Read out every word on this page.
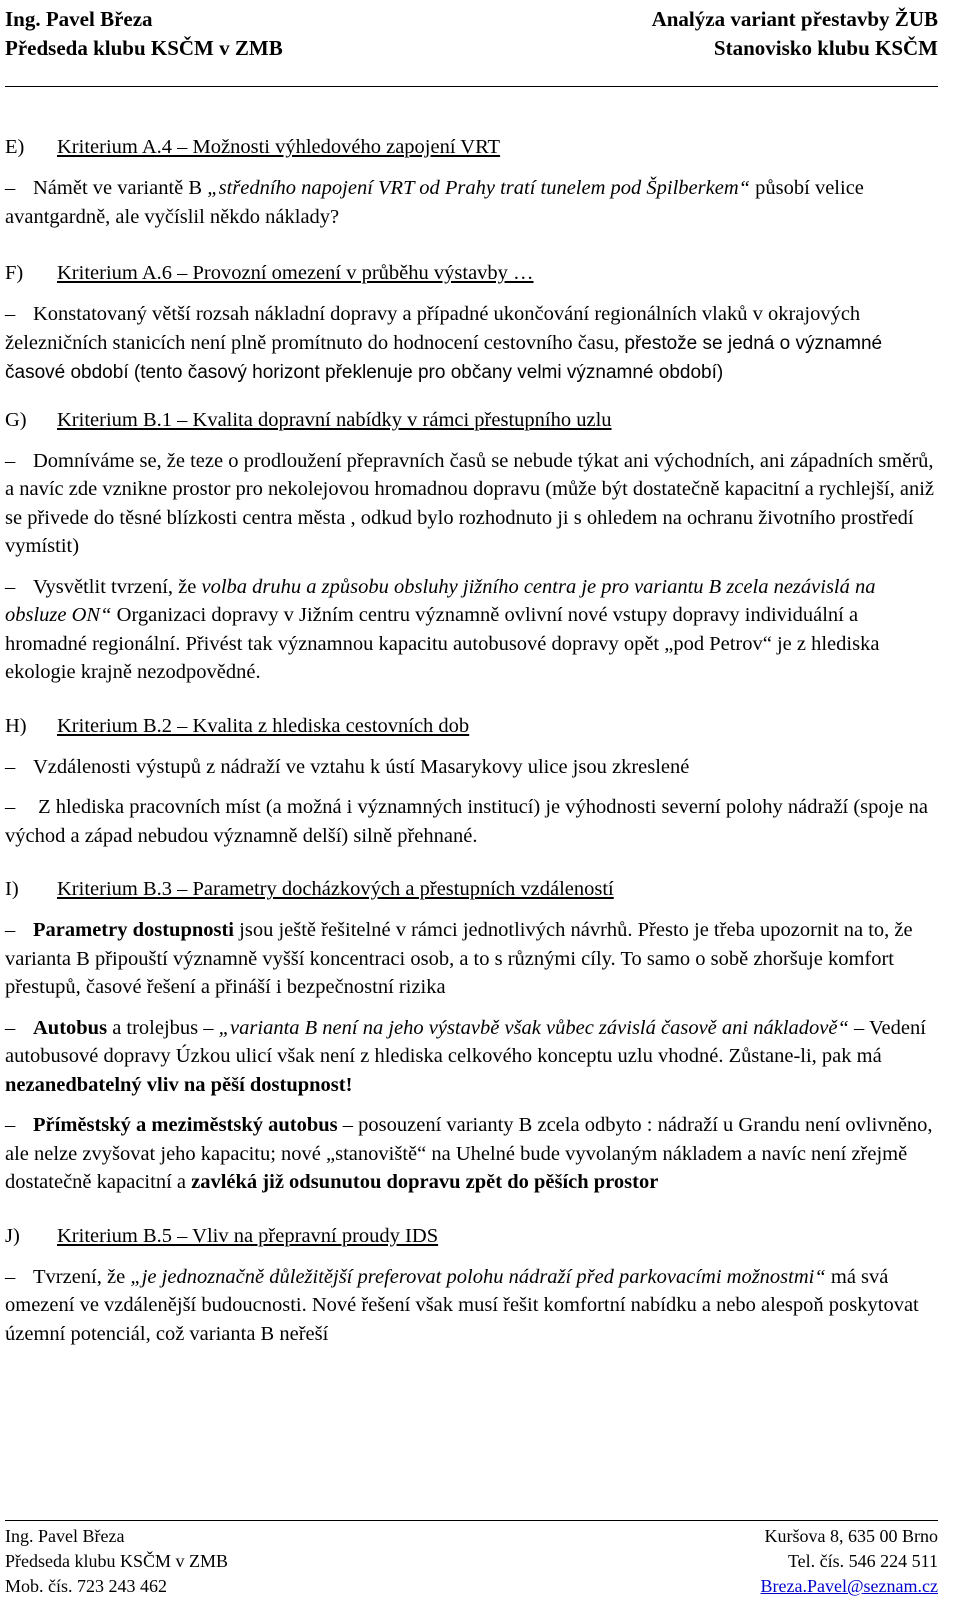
Ing. Pavel Březa
Předseda klubu KSČM v ZMB
Analýza variant přestavby ŽUB
Stanovisko klubu KSČM
E)	Kriterium A.4 – Možnosti výhledového zapojení VRT

– Námět ve variantě B „středního napojení VRT od Prahy tratí tunelem pod Špilberkem“ působí velice avantgardně, ale vyčíslil někdo náklady?

F)	Kriterium A.6 – Provozní omezení v průběhu výstavby …

– Konstatovaný větší rozsah nákladní dopravy a případné ukončování regionálních vlaků v okrajových železničních stanicích není plně promítnuto do hodnocení cestovního času, přestože se jedná o významné časové období (tento časový horizont překlenuje pro občany velmi významné období)

G)	Kriterium B.1 – Kvalita dopravní nabídky v rámci přestupního uzlu

– Domníváme se, že teze o prodloužení přepravních časů se nebude týkat ani východních, ani západních směrů, a navíc zde vznikne prostor pro nekolejovou hromadnou dopravu (může být dostatečně kapacitní a rychlejší, aniž se přivede do těsné blízkosti centra města , odkud bylo rozhodnuto ji s ohledem na ochranu životního prostředí vymístit)

– Vysvětlit tvrzení, že volba druhu a způsobu obsluhy jižního centra je pro variantu B zcela nezávislá na obsluze ON“ Organizaci dopravy v Jižním centru významně ovlivní nové vstupy dopravy individuální a hromadné regionální. Přivést tak významnou kapacitu autobusové dopravy opět „pod Petrov“ je z hlediska ekologie krajně nezodpovědné.

H)	Kriterium B.2 – Kvalita z hlediska cestovních dob

– Vzdálenosti výstupů z nádraží ve vztahu k ústí Masarykovy ulice jsou zkreslené

– Z hlediska pracovních míst (a možná i významných institucí) je výhodnosti severní polohy nádraží (spoje na východ a západ nebudou významně delší) silně přehnané.

I)	Kriterium B.3 – Parametry docházkových a přestupních vzdáleností

– Parametry dostupnosti jsou ještě řešitelné v rámci jednotlivých návrhů. Přesto je třeba upozornit na to, že varianta B připouští významně vyšší koncentraci osob, a to s různými cíly. To samo o sobě zhoršuje komfort přestupů, časové řešení a přináší i bezpečnostní rizika

– Autobus a trolejbus – „varianta B není na jeho výstavbě však vůbec závislá časově ani nákladově“ – Vedení autobusové dopravy Úzkou ulicí však není z hlediska celkového konceptu uzlu vhodné. Zůstane-li, pak má nezanedbatelný vliv na pěší dostupnost!

– Příměstský a meziměstský autobus – posouzení varianty B zcela odbyto : nádraží u Grandu není ovlivněno, ale nelze zvyšovat jeho kapacitu; nové „stanoviště“ na Uhelné bude vyvolaným nákladem a navíc není zřejmě dostatečně kapacitní a zavléká již odsunutou dopravu zpět do pěších prostor

J)	Kriterium B.5 – Vliv na přepravní proudy IDS

– Tvrzení, že „je jednoznačně důležitější preferovat polohu nádraží před parkovacími možnostmi“ má svá omezení ve vzdálenější budoucnosti. Nové řešení však musí řešit komfortní nabídku a nebo alespoň poskytovat územní potenciál, což varianta B neřeší

Ing. Pavel Březa
Předseda klubu KSČM v ZMB
Mob. čís. 723 243 462
Kuršova 8, 635 00 Brno
Tel. čís. 546 224 511
Breza.Pavel@seznam.cz
